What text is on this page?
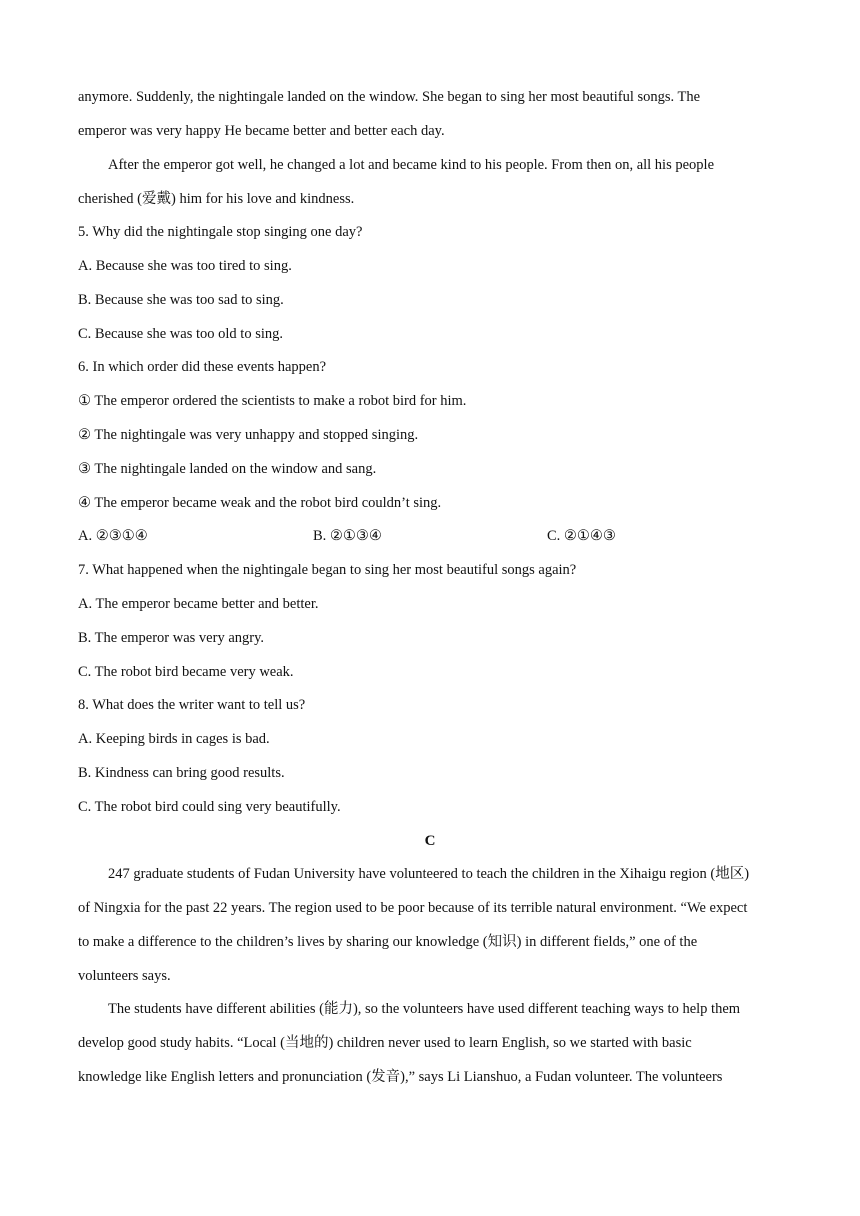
anymore. Suddenly, the nightingale landed on the window. She began to sing her most beautiful songs. The

emperor was very happy He became better and better each day.

After the emperor got well, he changed a lot and became kind to his people. From then on, all his people

cherished (爱戴) him for his love and kindness.

5. Why did the nightingale stop singing one day?

A. Because she was too tired to sing.

B. Because she was too sad to sing.

C. Because she was too old to sing.

6. In which order did these events happen?

① The emperor ordered the scientists to make a robot bird for him.

② The nightingale was very unhappy and stopped singing.

③ The nightingale landed on the window and sang.

④ The emperor became weak and the robot bird couldn’t sing.

A. ②③①④	B. ②①③④	C. ②①④③

7. What happened when the nightingale began to sing her most beautiful songs again?

A. The emperor became better and better.

B. The emperor was very angry.

C. The robot bird became very weak.

8. What does the writer want to tell us?

A. Keeping birds in cages is bad.

B. Kindness can bring good results.

C. The robot bird could sing very beautifully.

C

247 graduate students of Fudan University have volunteered to teach the children in the Xihaigu region (地区)

of Ningxia for the past 22 years. The region used to be poor because of its terrible natural environment. “We expect

to make a difference to the children’s lives by sharing our knowledge (知识) in different fields,” one of the

volunteers says.

The students have different abilities (能力), so the volunteers have used different teaching ways to help them

develop good study habits. “Local (当地的) children never used to learn English, so we started with basic

knowledge like English letters and pronunciation (发音),” says Li Lianshuo, a Fudan volunteer. The volunteers
